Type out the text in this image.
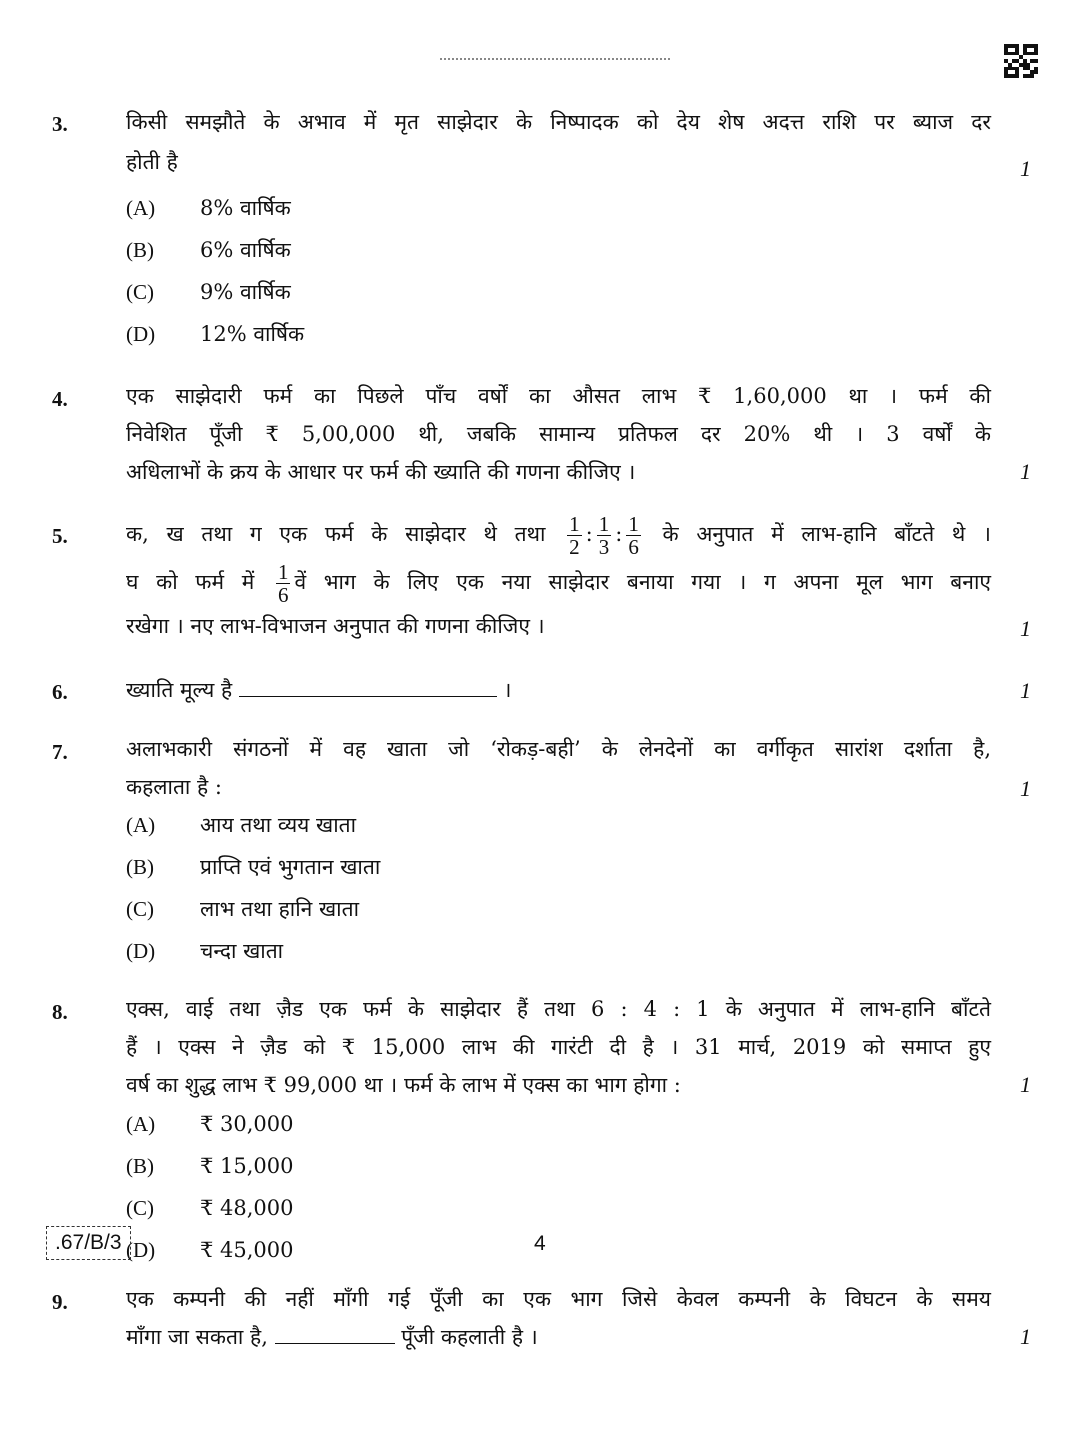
3.	किसी समझौते के अभाव में मृत साझेदार के निष्पादक को देय शेष अदत्त राशि पर ब्याज दर
होती है	1
(A)	8% वार्षिक
(B)	6% वार्षिक
(C)	9% वार्षिक
(D)	12% वार्षिक
4.	एक साझेदारी फर्म का पिछले पाँच वर्षों का औसत लाभ ₹ 1,60,000 था । फर्म की
निवेशित पूँजी ₹ 5,00,000 थी, जबकि सामान्य प्रतिफल दर 20% थी । 3 वर्षों के
अधिलाभों के क्रय के आधार पर फर्म की ख्याति की गणना कीजिए ।	1
5.	क, ख तथा ग एक फर्म के साझेदार थे तथा $\frac{1}{2}$ : $\frac{1}{3}$ : $\frac{1}{6}$ के अनुपात में लाभ-हानि बाँटते थे ।
घ को फर्म में $\frac{1}{6}$ वें भाग के लिए एक नया साझेदार बनाया गया । ग अपना मूल भाग बनाए
रखेगा । नए लाभ-विभाजन अनुपात की गणना कीजिए ।	1
6.	ख्याति मूल्य है	।	1
7.	अलाभकारी संगठनों में वह खाता जो ‘रोकड़-बही’ के लेनदेनों का वर्गीकृत सारांश दर्शाता है,
कहलाता है :	1
(A)	आय तथा व्यय खाता
(B)	प्राप्ति एवं भुगतान खाता
(C)	लाभ तथा हानि खाता
(D)	चन्दा खाता
8.	एक्स, वाई तथा ज़ैड एक फर्म के साझेदार हैं तथा 6 : 4 : 1 के अनुपात में लाभ-हानि बाँटते
हैं । एक्स ने ज़ैड को ₹ 15,000 लाभ की गारंटी दी है । 31 मार्च, 2019 को समाप्त हुए
वर्ष का शुद्ध लाभ ₹ 99,000 था । फर्म के लाभ में एक्स का भाग होगा :	1
(A)	₹ 30,000
(B)	₹ 15,000
(C)	₹ 48,000
(D)	₹ 45,000
9.	एक कम्पनी की नहीं माँगी गई पूँजी का एक भाग जिसे केवल कम्पनी के विघटन के समय
माँगा जा सकता है,	पूँजी कहलाती है ।	1
.67/B/3	4
